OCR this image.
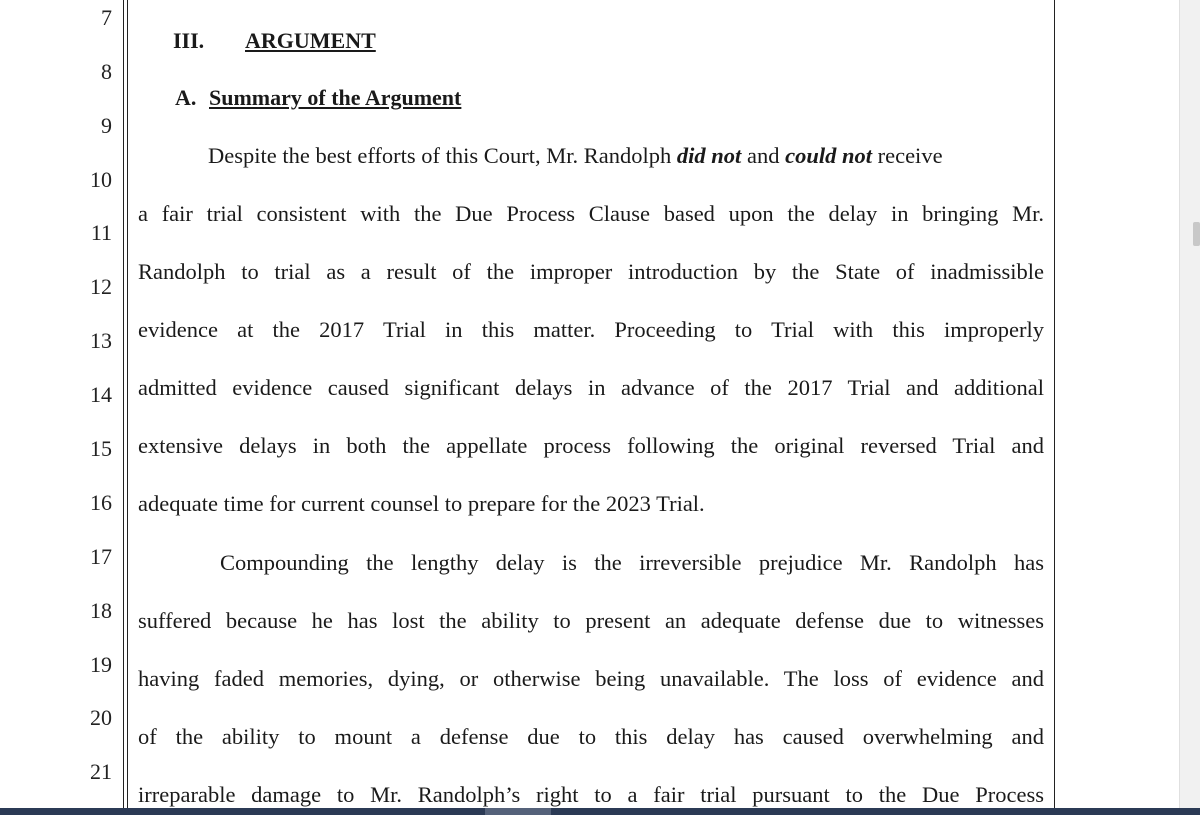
7
8
9
10
11
12
13
14
15
16
17
18
19
20
21
III. ARGUMENT
A. Summary of the Argument
Despite the best efforts of this Court, Mr. Randolph did not and could not receive
a fair trial consistent with the Due Process Clause based upon the delay in bringing Mr.
Randolph to trial as a result of the improper introduction by the State of inadmissible
evidence at the 2017 Trial in this matter. Proceeding to Trial with this improperly
admitted evidence caused significant delays in advance of the 2017 Trial and additional
extensive delays in both the appellate process following the original reversed Trial and
adequate time for current counsel to prepare for the 2023 Trial.
Compounding the lengthy delay is the irreversible prejudice Mr. Randolph has
suffered because he has lost the ability to present an adequate defense due to witnesses
having faded memories, dying, or otherwise being unavailable. The loss of evidence and
of the ability to mount a defense due to this delay has caused overwhelming and
irreparable damage to Mr. Randolph’s right to a fair trial pursuant to the Due Process
